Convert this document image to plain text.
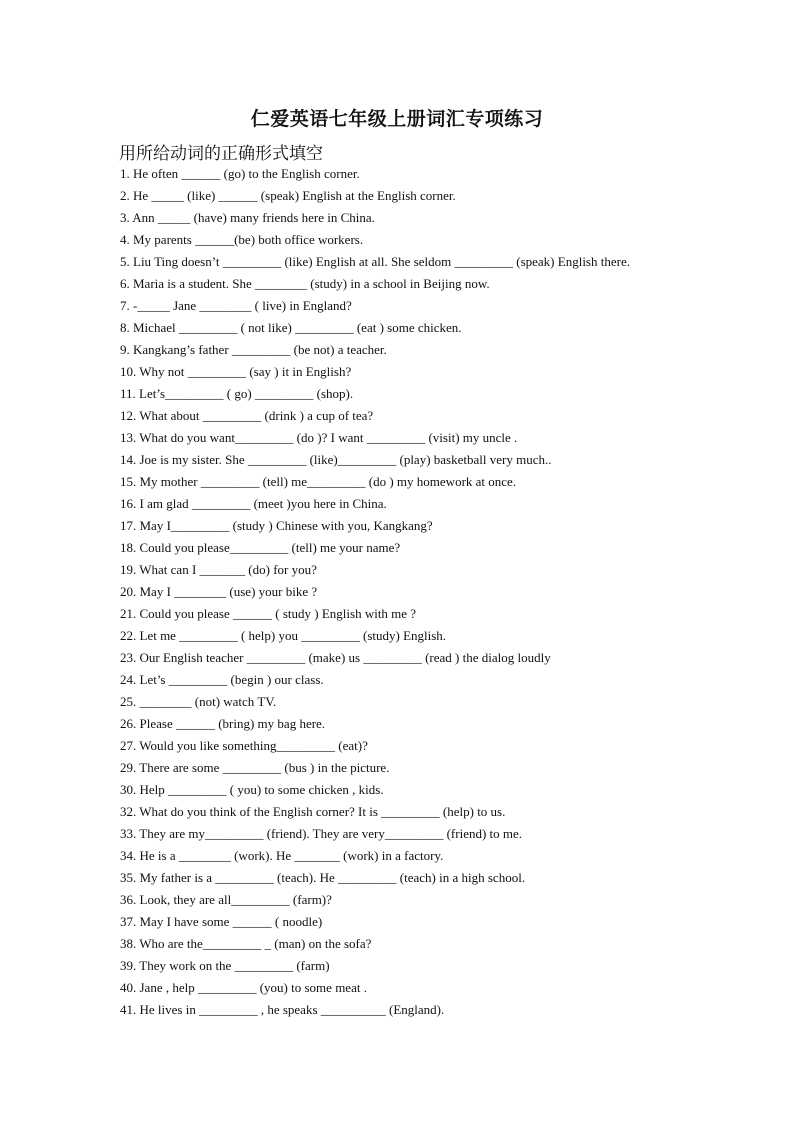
仁爱英语七年级上册词汇专项练习
用所给动词的正确形式填空
1. He often ______ (go) to the English corner.
2. He _____ (like) ______ (speak) English at the English corner.
3. Ann _____ (have) many friends here in China.
4. My parents ______(be) both office workers.
5. Liu Ting doesn’t _________ (like) English at all. She seldom _________ (speak) English there.
6. Maria is a student. She ________ (study) in a school in Beijing now.
7. -_____ Jane ________ ( live) in England?
8. Michael _________ ( not like) _________ (eat ) some chicken.
9. Kangkang’s father _________ (be not) a teacher.
10. Why not _________ (say ) it in English?
11. Let’s_________ ( go) _________ (shop).
12. What about _________ (drink ) a cup of tea?
13. What do you want_________ (do )? I want _________ (visit) my uncle .
14. Joe is my sister. She _________ (like)_________ (play) basketball very much..
15. My mother _________ (tell) me_________ (do ) my homework at once.
16. I am glad _________ (meet )you here in China.
17. May I_________ (study ) Chinese with you, Kangkang?
18. Could you please_________ (tell) me your name?
19. What can I _______ (do) for you?
20. May I ________ (use) your bike ?
21. Could you please ______ ( study ) English with me ?
22. Let me _________ ( help) you _________ (study) English.
23. Our English teacher _________ (make) us _________ (read ) the dialog loudly
24. Let’s _________ (begin ) our class.
25. ________ (not) watch TV.
26. Please ______ (bring) my bag here.
27. Would you like something_________ (eat)?
29. There are some _________ (bus ) in the picture.
30. Help _________ ( you) to some chicken , kids.
32. What do you think of the English corner? It is _________ (help) to us.
33. They are my_________ (friend). They are very_________ (friend) to me.
34. He is a ________ (work). He _______ (work) in a factory.
35. My father is a _________ (teach). He _________ (teach) in a high school.
36. Look, they are all_________ (farm)?
37. May I have some ______ ( noodle)
38. Who are the_________ _ (man) on the sofa?
39. They work on the _________ (farm)
40. Jane , help _________ (you) to some meat .
41. He lives in _________ , he speaks __________ (England).
